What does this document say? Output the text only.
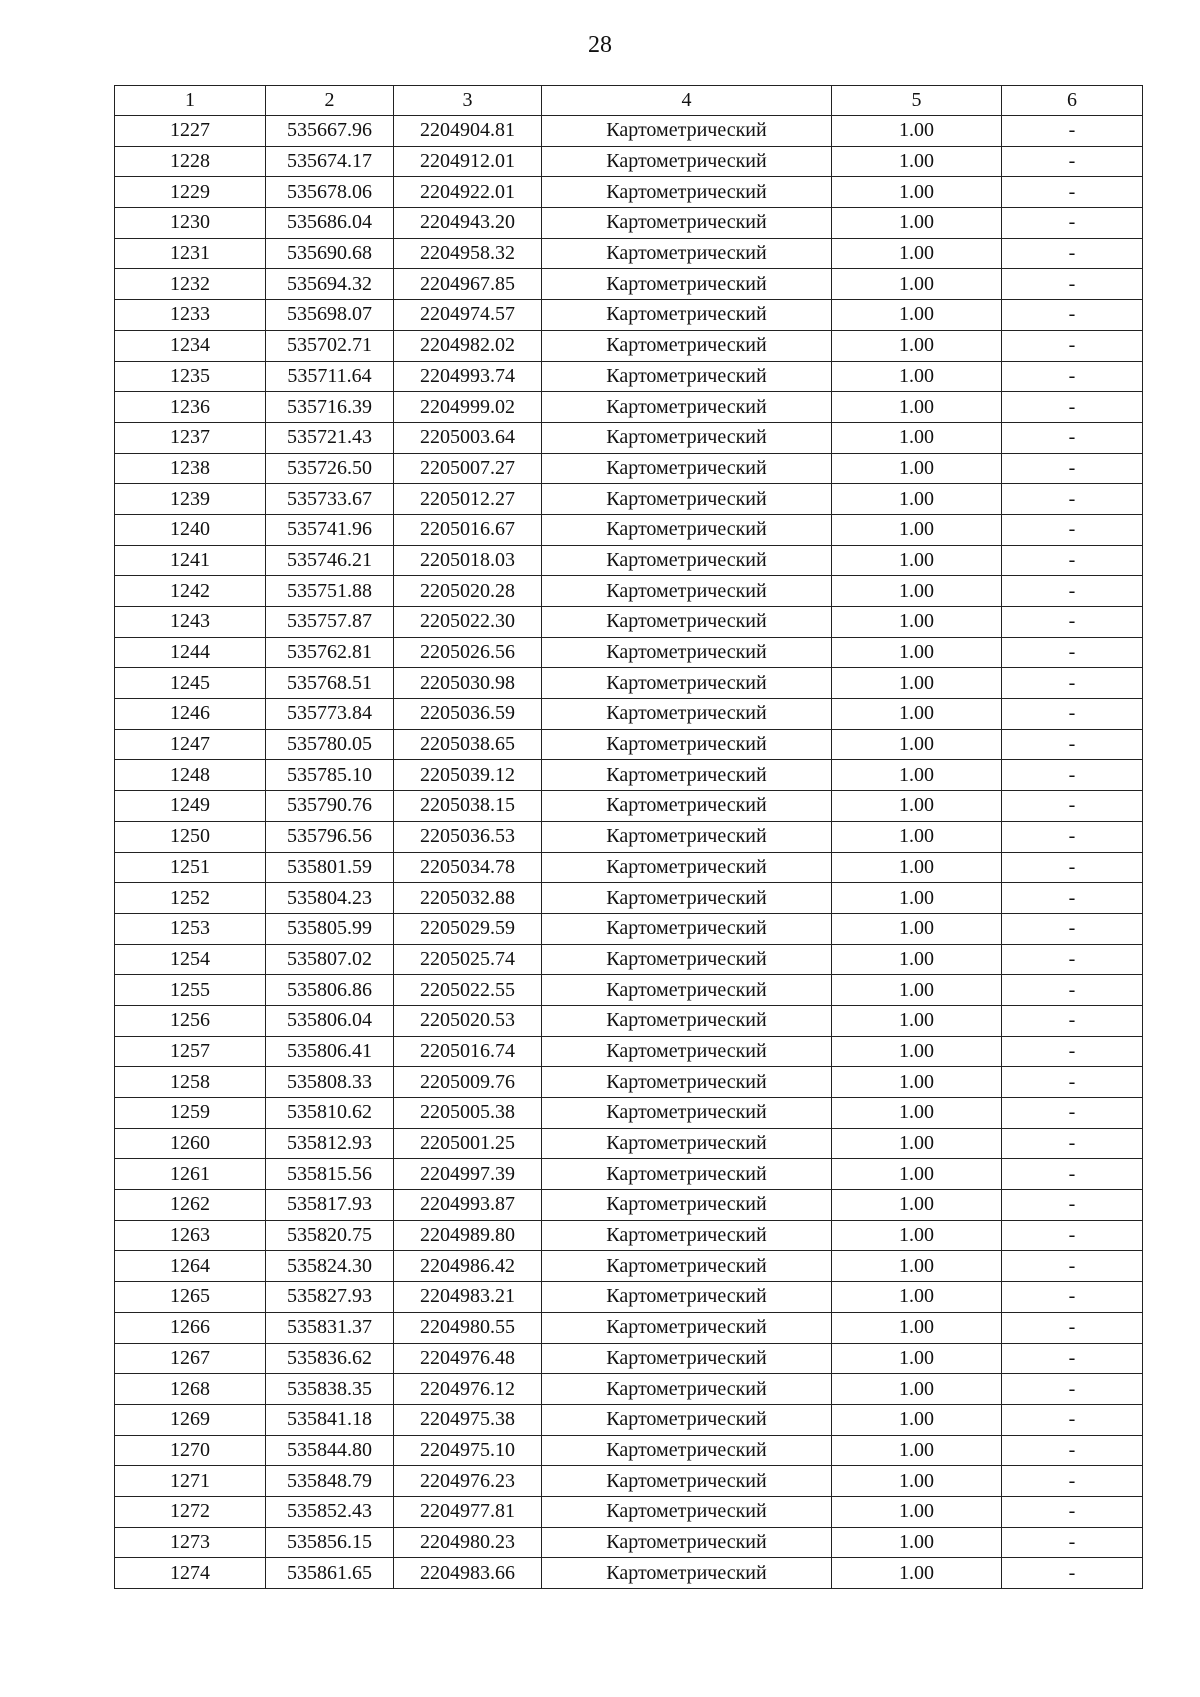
28
1	2	3	4	5	6
1227	535667.96	2204904.81	Картометрический	1.00	-
1228	535674.17	2204912.01	Картометрический	1.00	-
1229	535678.06	2204922.01	Картометрический	1.00	-
1230	535686.04	2204943.20	Картометрический	1.00	-
1231	535690.68	2204958.32	Картометрический	1.00	-
1232	535694.32	2204967.85	Картометрический	1.00	-
1233	535698.07	2204974.57	Картометрический	1.00	-
1234	535702.71	2204982.02	Картометрический	1.00	-
1235	535711.64	2204993.74	Картометрический	1.00	-
1236	535716.39	2204999.02	Картометрический	1.00	-
1237	535721.43	2205003.64	Картометрический	1.00	-
1238	535726.50	2205007.27	Картометрический	1.00	-
1239	535733.67	2205012.27	Картометрический	1.00	-
1240	535741.96	2205016.67	Картометрический	1.00	-
1241	535746.21	2205018.03	Картометрический	1.00	-
1242	535751.88	2205020.28	Картометрический	1.00	-
1243	535757.87	2205022.30	Картометрический	1.00	-
1244	535762.81	2205026.56	Картометрический	1.00	-
1245	535768.51	2205030.98	Картометрический	1.00	-
1246	535773.84	2205036.59	Картометрический	1.00	-
1247	535780.05	2205038.65	Картометрический	1.00	-
1248	535785.10	2205039.12	Картометрический	1.00	-
1249	535790.76	2205038.15	Картометрический	1.00	-
1250	535796.56	2205036.53	Картометрический	1.00	-
1251	535801.59	2205034.78	Картометрический	1.00	-
1252	535804.23	2205032.88	Картометрический	1.00	-
1253	535805.99	2205029.59	Картометрический	1.00	-
1254	535807.02	2205025.74	Картометрический	1.00	-
1255	535806.86	2205022.55	Картометрический	1.00	-
1256	535806.04	2205020.53	Картометрический	1.00	-
1257	535806.41	2205016.74	Картометрический	1.00	-
1258	535808.33	2205009.76	Картометрический	1.00	-
1259	535810.62	2205005.38	Картометрический	1.00	-
1260	535812.93	2205001.25	Картометрический	1.00	-
1261	535815.56	2204997.39	Картометрический	1.00	-
1262	535817.93	2204993.87	Картометрический	1.00	-
1263	535820.75	2204989.80	Картометрический	1.00	-
1264	535824.30	2204986.42	Картометрический	1.00	-
1265	535827.93	2204983.21	Картометрический	1.00	-
1266	535831.37	2204980.55	Картометрический	1.00	-
1267	535836.62	2204976.48	Картометрический	1.00	-
1268	535838.35	2204976.12	Картометрический	1.00	-
1269	535841.18	2204975.38	Картометрический	1.00	-
1270	535844.80	2204975.10	Картометрический	1.00	-
1271	535848.79	2204976.23	Картометрический	1.00	-
1272	535852.43	2204977.81	Картометрический	1.00	-
1273	535856.15	2204980.23	Картометрический	1.00	-
1274	535861.65	2204983.66	Картометрический	1.00	-
